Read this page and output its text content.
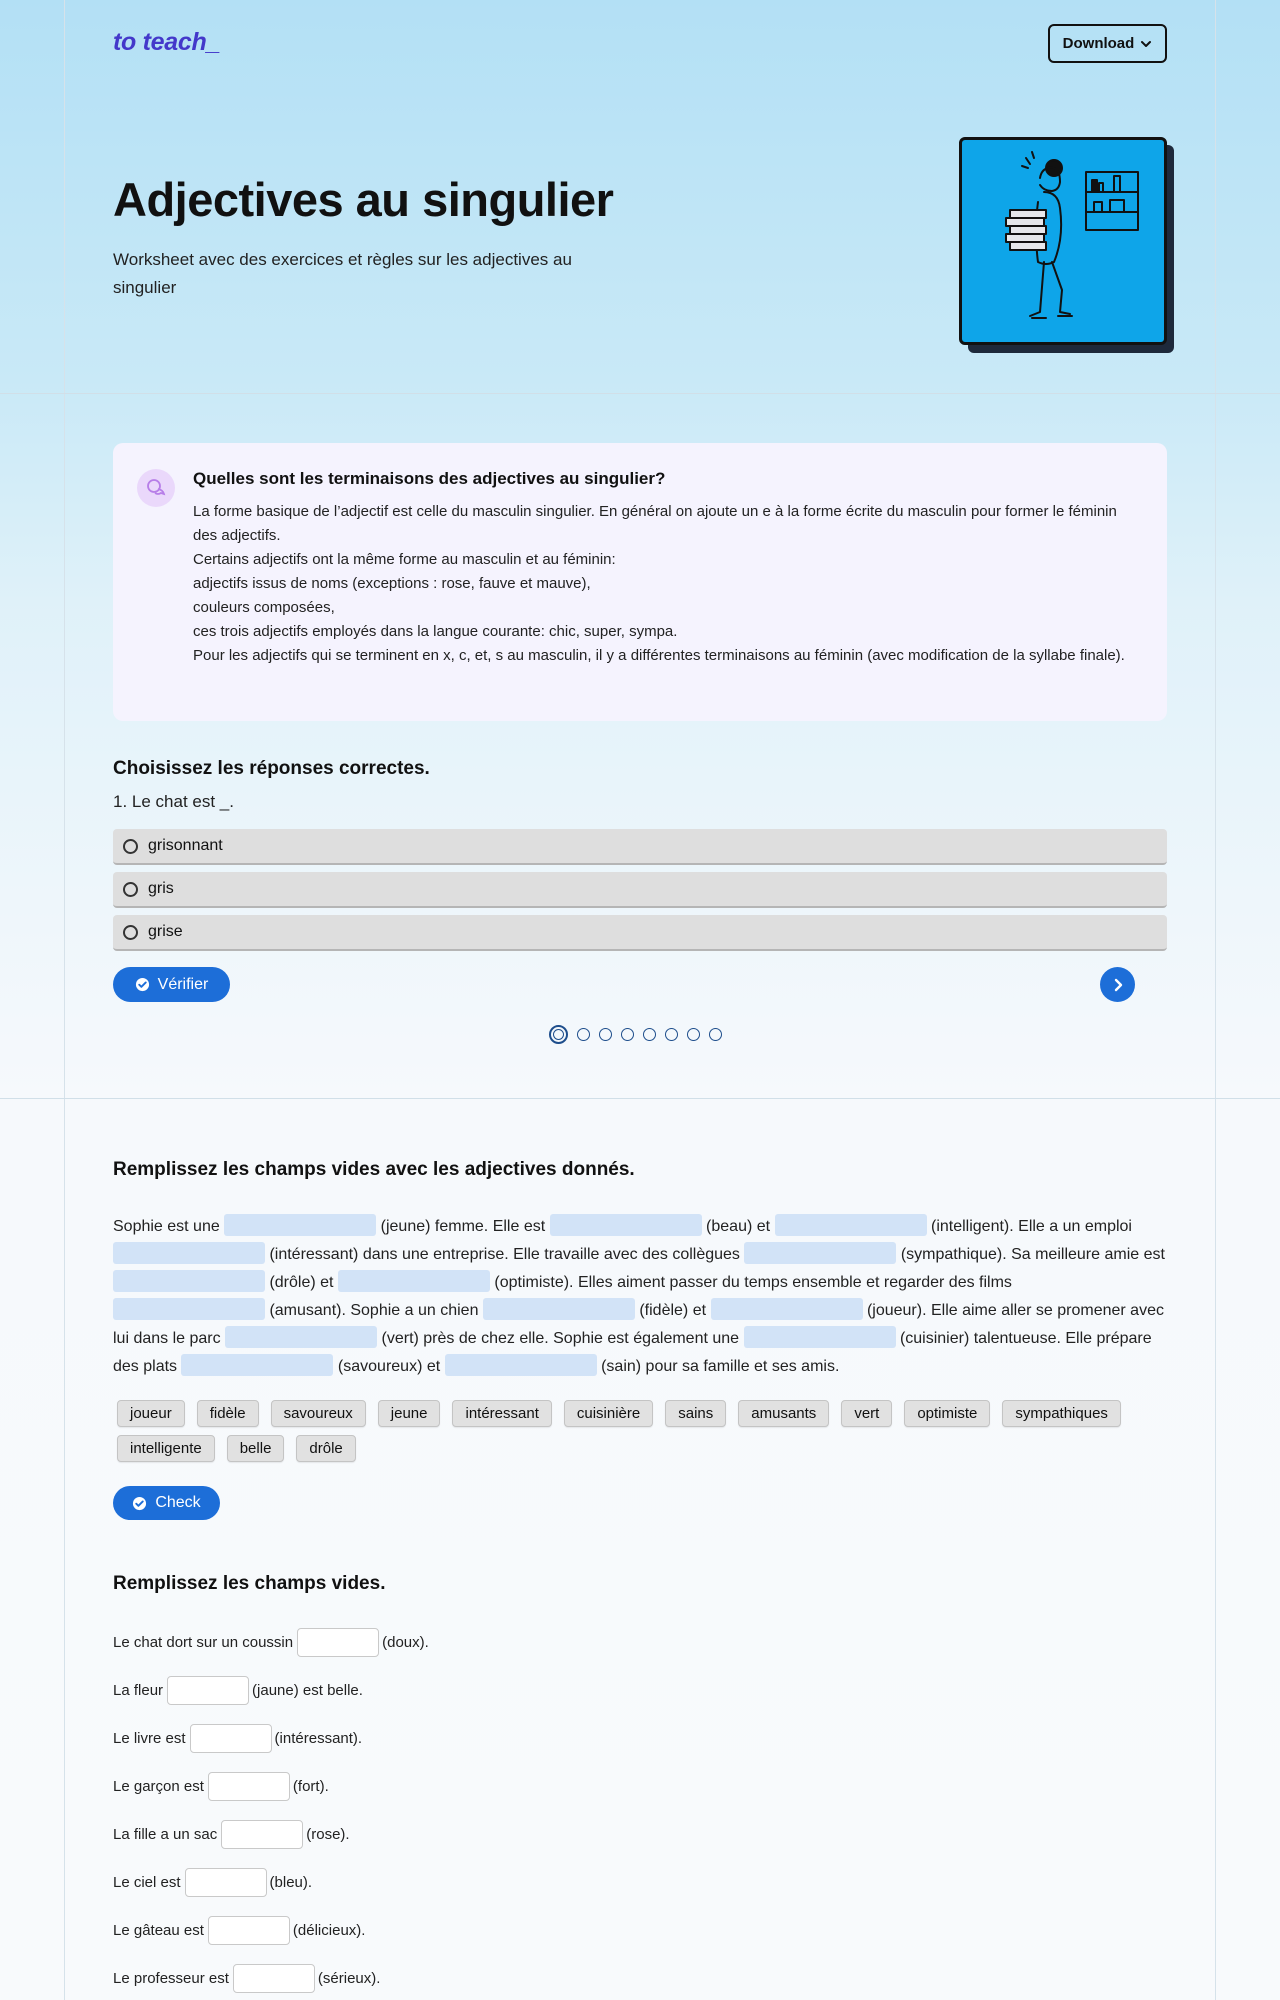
to teach_	Download
Adjectives au singulier

Worksheet avec des exercices et règles sur les adjectives au singulier

Quelles sont les terminaisons des adjectives au singulier?

La forme basique de l’adjectif est celle du masculin singulier. En général on ajoute un e à la forme écrite du masculin pour former le féminin des adjectifs.

Certains adjectifs ont la même forme au masculin et au féminin:

adjectifs issus de noms (exceptions : rose, fauve et mauve),

couleurs composées,

ces trois adjectifs employés dans la langue courante: chic, super, sympa.

Pour les adjectifs qui se terminent en x, c, et, s au masculin, il y a différentes terminaisons au féminin (avec modification de la syllabe finale).

Choisissez les réponses correctes.
1. Le chat est _.
grisonnant
gris
grise
Vérifier
Remplissez les champs vides avec les adjectives donnés.
Sophie est une	(jeune) femme. Elle est	(beau) et	(intelligent). Elle a un emploi  (intéressant) dans une entreprise. Elle travaille avec des collègues	(sympathique). Sa meilleure amie est  (drôle) et	(optimiste). Elles aiment passer du temps ensemble et regarder des films  (amusant). Sophie a un chien	(fidèle) et	(joueur). Elle aime aller se promener avec lui dans le parc	(vert) près de chez elle. Sophie est également une	(cuisinier) talentueuse. Elle prépare des plats	(savoureux) et	(sain) pour sa famille et ses amis.
joueur	fidèle	savoureux	jeune	intéressant	cuisinière	sains	amusants	vert	optimiste	sympathiques
intelligente	belle	drôle
Check
Remplissez les champs vides.
Le chat dort sur un coussin	(doux).
La fleur	(jaune) est belle.
Le livre est	(intéressant).
Le garçon est	(fort).
La fille a un sac	(rose).
Le ciel est	(bleu).
Le gâteau est	(délicieux).
Le professeur est	(sérieux).
